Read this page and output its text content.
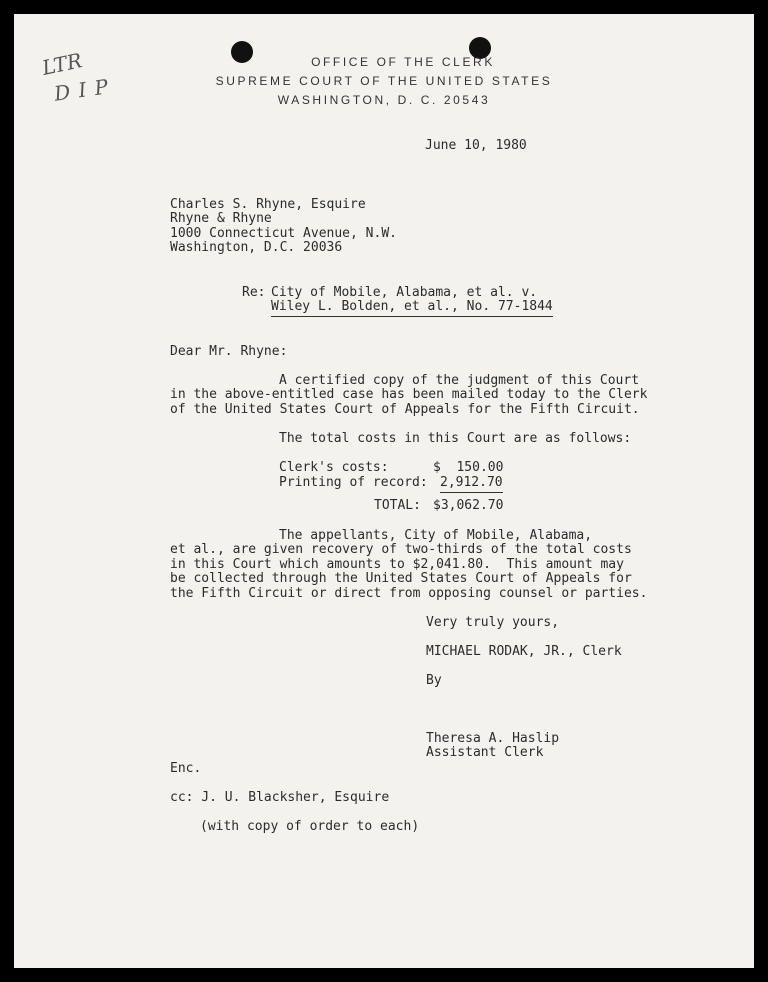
LTR
D I P
OFFICE OF THE CLERK
SUPREME COURT OF THE UNITED STATES
WASHINGTON, D. C. 20543
June 10, 1980
Charles S. Rhyne, Esquire
Rhyne & Rhyne
1000 Connecticut Avenue, N.W.
Washington, D.C. 20036
Re: City of Mobile, Alabama, et al. v.
Wiley L. Bolden, et al., No. 77-1844
Dear Mr. Rhyne:
A certified copy of the judgment of this Court
in the above-entitled case has been mailed today to the Clerk
of the United States Court of Appeals for the Fifth Circuit.
The total costs in this Court are as follows:
Clerk's costs:	$  150.00
Printing of record: 2,912.70
TOTAL: $3,062.70
The appellants, City of Mobile, Alabama,
et al., are given recovery of two-thirds of the total costs
in this Court which amounts to $2,041.80.  This amount may
be collected through the United States Court of Appeals for
the Fifth Circuit or direct from opposing counsel or parties.
Very truly yours,
MICHAEL RODAK, JR., Clerk
By
Theresa A. Haslip
Assistant Clerk
Enc.
cc: J. U. Blacksher, Esquire
(with copy of order to each)
